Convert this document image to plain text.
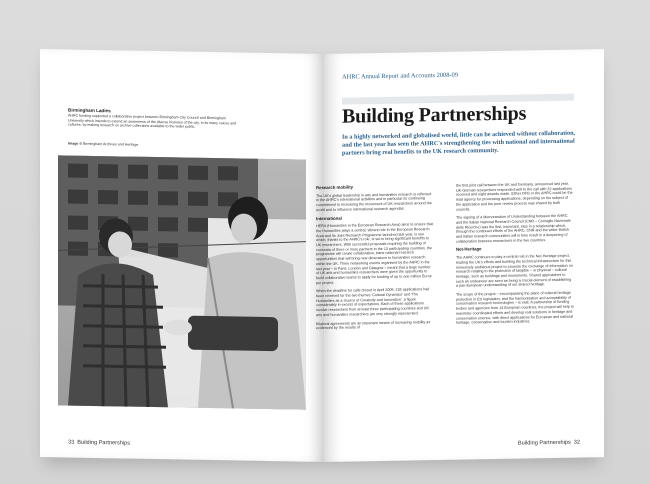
Birmingham Ladies
AHRC funding supported a collaborative project between Birmingham City Council and Birmingham University which intends to extend an awareness of the diverse histories of the city, in its many voices and cultures, by making research on archive collections available to the wider public.
Image © Birmingham Archives and Heritage
33 Building Partnerships
AHRC Annual Report and Accounts 2008-09
Building Partnerships
In a highly networked and globalised world, little can be achieved without collaboration, and the last year has seen the AHRC's strengthening ties with national and international partners bring real benefits to the UK research community.
Research mobility

The UK's global leadership in arts and humanities research is reflected in the AHRC's international activities and in particular its continuing commitment to increasing the movement of UK researchers around the world and to influence international research agendas.

International

HERA (Humanities in the European Research Area) aims to ensure that the Humanities plays a central, vibrant role in the European Research Area and its Joint Research Programme launched last year, is one which, thanks to the AHRC's role, is set to bring significant benefits to UK researchers. With successful proposals requiring the building of consortia of three or more partners in the 13 participating countries, the programme will create collaborative, trans-national research opportunities that will bring new dimensions to humanities research within the UK. Three networking events organised by the AHRC in the last year – in Paris, London and Glasgow – meant that a large number of UK arts and humanities researchers were given the opportunity to build collaborative teams to apply for funding of up to one million Euros per project.

When the deadline for calls closed in April 2009, 235 applications had been received for the two themes 'Cultural Dynamics' and 'The Humanities as a Source of Creativity and Innovation', a figure considerably in excess of expectations. Each of these applications involve researchers from at least three participating countries and UK arts and humanities researchers are very strongly represented.

Bilateral agreements are an important means of increasing mobility as evidenced by the results of

the first pilot call between the UK and Germany, announced last year. UK-German researchers responded well to the call with 32 applications received and eight awards made. Either DFG or the AHRC could be the lead agency for processing applications, depending on the subject of the application and the peer review process was shared by both councils.

The signing of a Memorandum of Understanding between the AHRC and the Italian National Research Council (CNR – Consiglio Nazionale delle Ricerche) was the first, important, step in a relationship which, through the continued efforts of the AHRC, CNR and the wider British and Italian research communities will in time result in a deepening of collaboration between researchers in the two countries.

Net-Heritage

The AHRC continues to play a central role in the Net-Heritage project, leading the UK's efforts and building the technical infrastructure for this immensely ambitious project to promote the exchange of information on research relating to the protection of tangible – or physical – cultural heritage, such as buildings and monuments. Shared approaches to such an endeavour are seen as being a crucial element of establishing a pan-European understanding of our shared heritage.

The scope of the project – encompassing the place of cultural heritage protection in EU legislation, and the harmonisation and acceptability of conservation research technologies – is vast. A partnership of funding bodies and agencies from 14 European countries, the project will help to maximise coordinated efforts and develop real solutions in heritage and conservation science, with direct applications for European and national heritage, conservation and tourism industries.

Building Partnerships 32
